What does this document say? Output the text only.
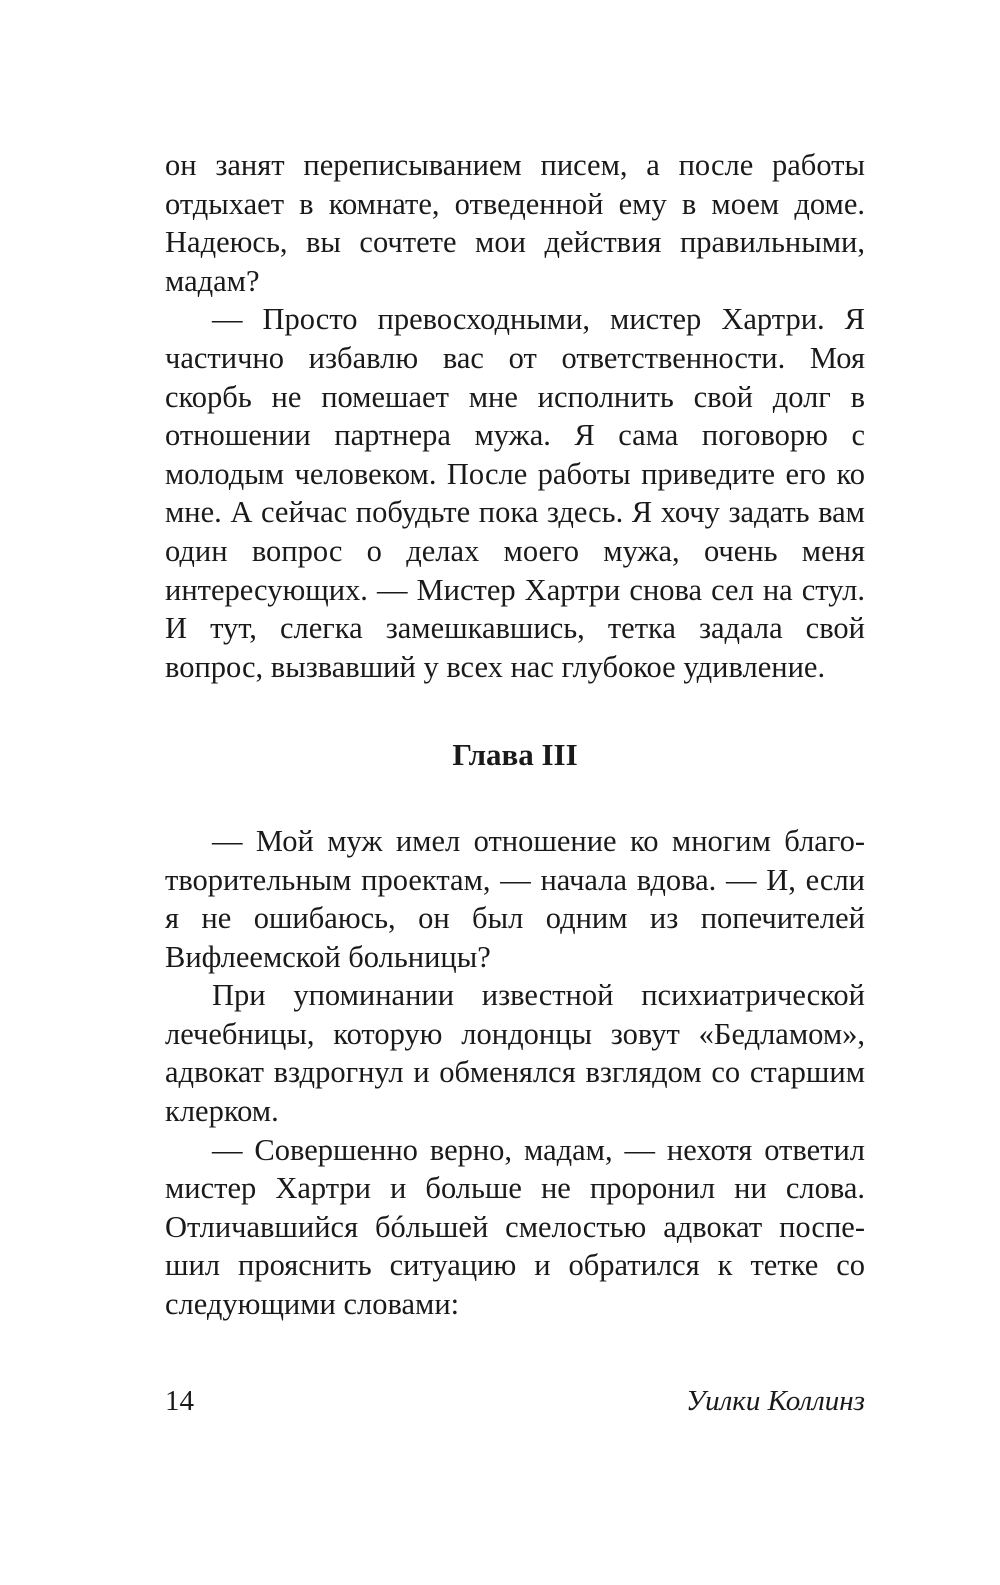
он занят переписыванием писем, а после работы отдыхает в комнате, отведенной ему в моем доме. Надеюсь, вы сочтете мои действия правильными, мадам?

— Просто превосходными, мистер Хартри. Я частично избавлю вас от ответственности. Моя скорбь не помешает мне исполнить свой долг в отношении партнера мужа. Я сама поговорю с молодым человеком. После работы приведите его ко мне. А сейчас побудьте пока здесь. Я хочу задать вам один вопрос о делах моего мужа, очень меня интересующих. — Мистер Хартри снова сел на стул. И тут, слегка замешкавшись, тетка задала свой вопрос, вызвавший у всех нас глубокое удивление.

Глава III

— Мой муж имел отношение ко многим благотворительным проектам, — начала вдова. — И, если я не ошибаюсь, он был одним из попечителей Вифлеемской больницы?

При упоминании известной психиатрической лечебницы, которую лондонцы зовут «Бедламом», адвокат вздрогнул и обменялся взглядом со старшим клерком.

— Совершенно верно, мадам, — нехотя ответил мистер Хартри и больше не проронил ни слова. Отличавшийся бóльшей смелостью адвокат поспешил прояснить ситуацию и обратился к тетке со следующими словами:

14	Уилки Коллинз
